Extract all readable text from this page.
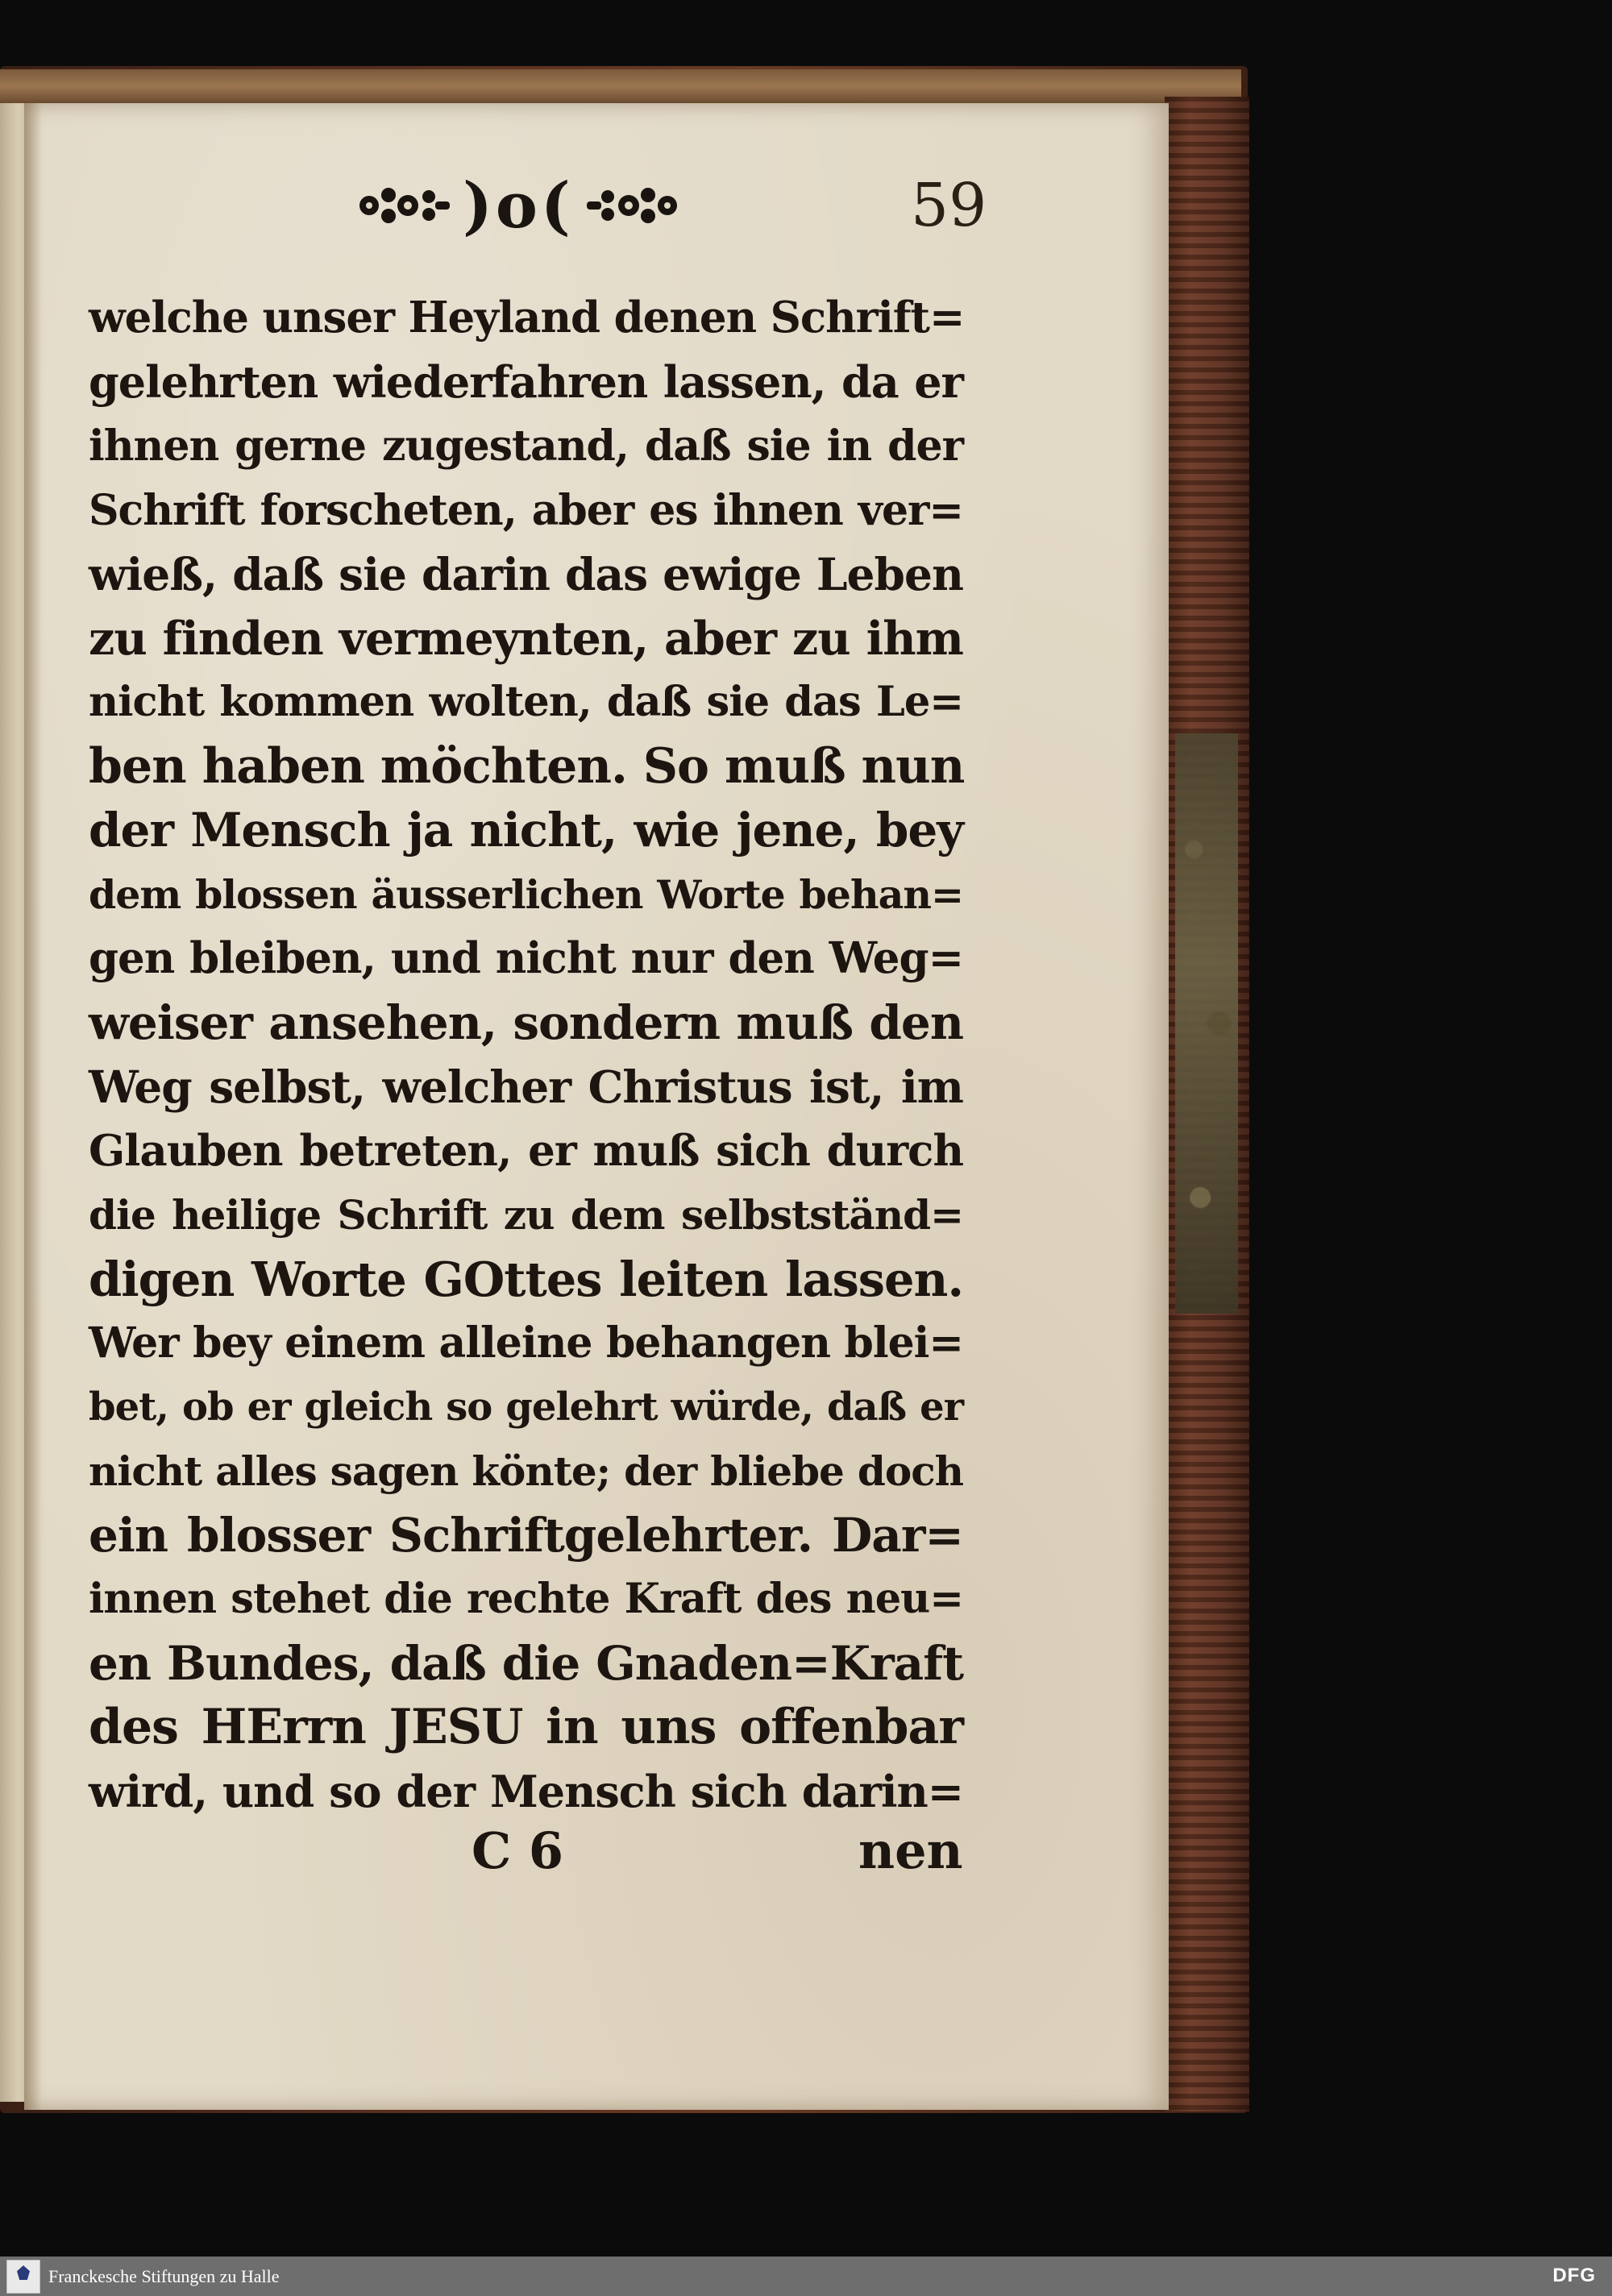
)o(	59
welche unser Heyland denen Schrift=
gelehrten wiederfahren lassen, da er
ihnen gerne zugestand, daß sie in der
Schrift forscheten, aber es ihnen ver=
wieß, daß sie darin das ewige Leben
zu finden vermeynten, aber zu ihm
nicht kommen wolten, daß sie das Le=
ben haben möchten. So muß nun
der Mensch ja nicht, wie jene, bey
dem blossen äusserlichen Worte behan=
gen bleiben, und nicht nur den Weg=
weiser ansehen, sondern muß den
Weg selbst, welcher Christus ist, im
Glauben betreten, er muß sich durch
die heilige Schrift zu dem selbstständ=
digen Worte GOttes leiten lassen.
Wer bey einem alleine behangen blei=
bet, ob er gleich so gelehrt würde, daß er
nicht alles sagen könte; der bliebe doch
ein blosser Schriftgelehrter. Dar=
innen stehet die rechte Kraft des neu=
en Bundes, daß die Gnaden=Kraft
des HErrn JESU in uns offenbar
wird, und so der Mensch sich darin=
C 6	nen
Franckesche Stiftungen zu Halle	DFG
